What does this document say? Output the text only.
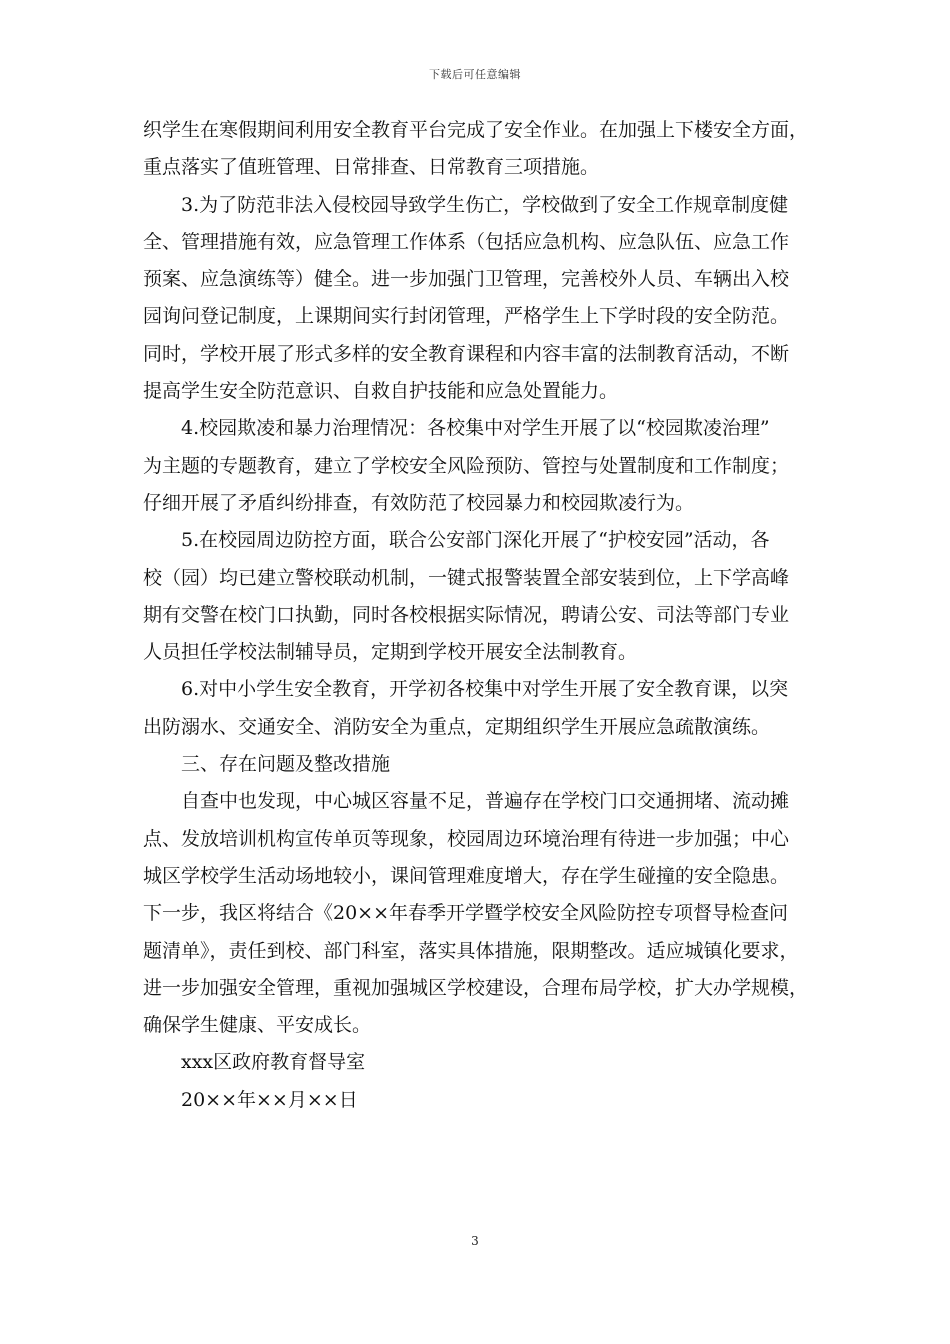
下载后可任意编辑
织学生在寒假期间利用安全教育平台完成了安全作业。在加强上下楼安全方面，
重点落实了值班管理、日常排查、日常教育三项措施。
3.为了防范非法入侵校园导致学生伤亡，学校做到了安全工作规章制度健
全、管理措施有效，应急管理工作体系（包括应急机构、应急队伍、应急工作
预案、应急演练等）健全。进一步加强门卫管理，完善校外人员、车辆出入校
园询问登记制度，上课期间实行封闭管理，严格学生上下学时段的安全防范。
同时，学校开展了形式多样的安全教育课程和内容丰富的法制教育活动，不断
提高学生安全防范意识、自救自护技能和应急处置能力。
4.校园欺凌和暴力治理情况：各校集中对学生开展了以“校园欺凌治理”
为主题的专题教育，建立了学校安全风险预防、管控与处置制度和工作制度；
仔细开展了矛盾纠纷排查，有效防范了校园暴力和校园欺凌行为。
5.在校园周边防控方面，联合公安部门深化开展了“护校安园”活动，各
校（园）均已建立警校联动机制，一键式报警装置全部安装到位，上下学高峰
期有交警在校门口执勤，同时各校根据实际情况，聘请公安、司法等部门专业
人员担任学校法制辅导员，定期到学校开展安全法制教育。
6.对中小学生安全教育，开学初各校集中对学生开展了安全教育课，以突
出防溺水、交通安全、消防安全为重点，定期组织学生开展应急疏散演练。
三、存在问题及整改措施
自查中也发现，中心城区容量不足，普遍存在学校门口交通拥堵、流动摊
点、发放培训机构宣传单页等现象，校园周边环境治理有待进一步加强；中心
城区学校学生活动场地较小，课间管理难度增大，存在学生碰撞的安全隐患。
下一步，我区将结合《20××年春季开学暨学校安全风险防控专项督导检查问
题清单》，责任到校、部门科室，落实具体措施，限期整改。适应城镇化要求，
进一步加强安全管理，重视加强城区学校建设，合理布局学校，扩大办学规模，
确保学生健康、平安成长。
xxx区政府教育督导室
20××年××月××日
3
